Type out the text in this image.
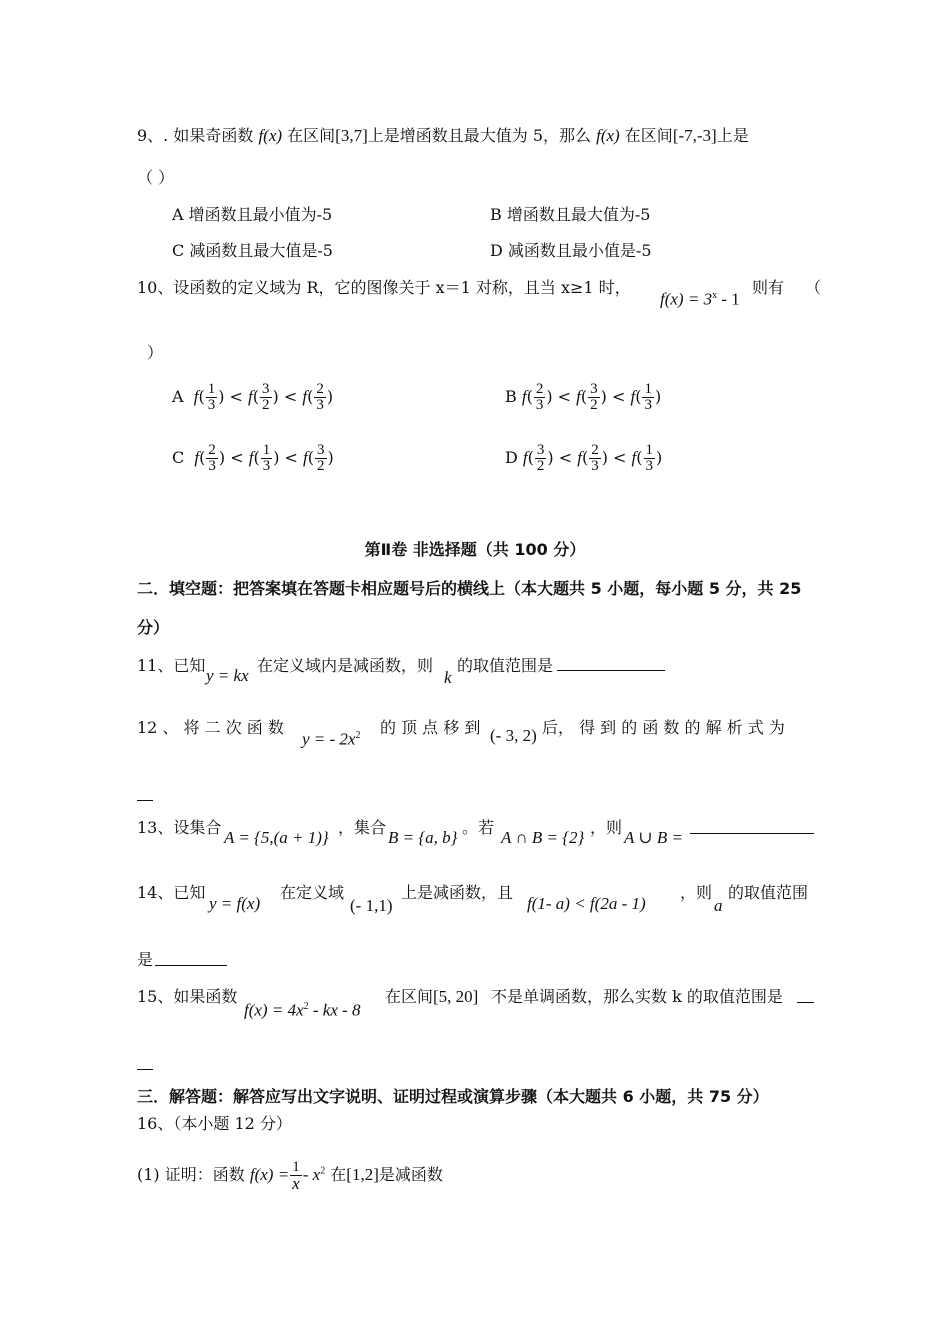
9、. 如果奇函数 f(x) 在区间[3,7]上是增函数且最大值为 5，那么 f(x) 在区间[-7,-3]上是
（ ）
A 增函数且最小值为-5	B 增函数且最大值为-5
C 减函数且最大值是-5	D 减函数且最小值是-5
10、设函数的定义域为 R，它的图像关于 x＝1 对称，且当 x≥1 时，
$f(x) = 3^x - 1$
则有 （
）
A $f( \frac{1}{3}$ ) < $f( \frac{3}{2}$ ) < $f( \frac{2}{3}$ )	B $f( \frac{2}{3}$ ) < $f( \frac{3}{2}$ ) < $f( \frac{1}{3}$ )
C $f( \frac{2}{3}$ ) < $f( \frac{1}{3}$ ) < $f( \frac{3}{2}$ )	D $f( \frac{3}{2}$ ) < $f( \frac{2}{3}$ ) < $f( \frac{1}{3}$ )
第Ⅱ卷 非选择题（共 100 分）
二．填空题：把答案填在答题卡相应题号后的横线上（本大题共 5 小题，每小题 5 分，共 25
分）
11、已知
y = kx
在定义域内是减函数，则
k
的取值范围是
12 、 将 二 次 函 数
y = - $2x^2$ 的 顶 点 移 到 (- 3, 2) 后， 得 到 的 函 数 的 解 析 式 为
13、设集合
A = {5,(a + 1)}
，集合
B = {a, b}
。若
A ∩ B = {2}
，则
A ∪ B =
14、已知
y = f(x)
在定义域
(- 1,1)
上是减函数，且
f(1- a) < f(2a - 1)
，则
a
的取值范围
是
15、如果函数
$f(x) = 4x^2$ - kx - 8
在区间 [5, 20] 不是单调函数，那么实数 k 的取值范围是
三．解答题：解答应写出文字说明、证明过程或演算步骤（本大题共 6 小题，共 75 分）
16、（本小题 12 分）
(1) 证明：函数 $f(x) = \frac{1}{x} - x^2$ 在[1,2]是减函数
